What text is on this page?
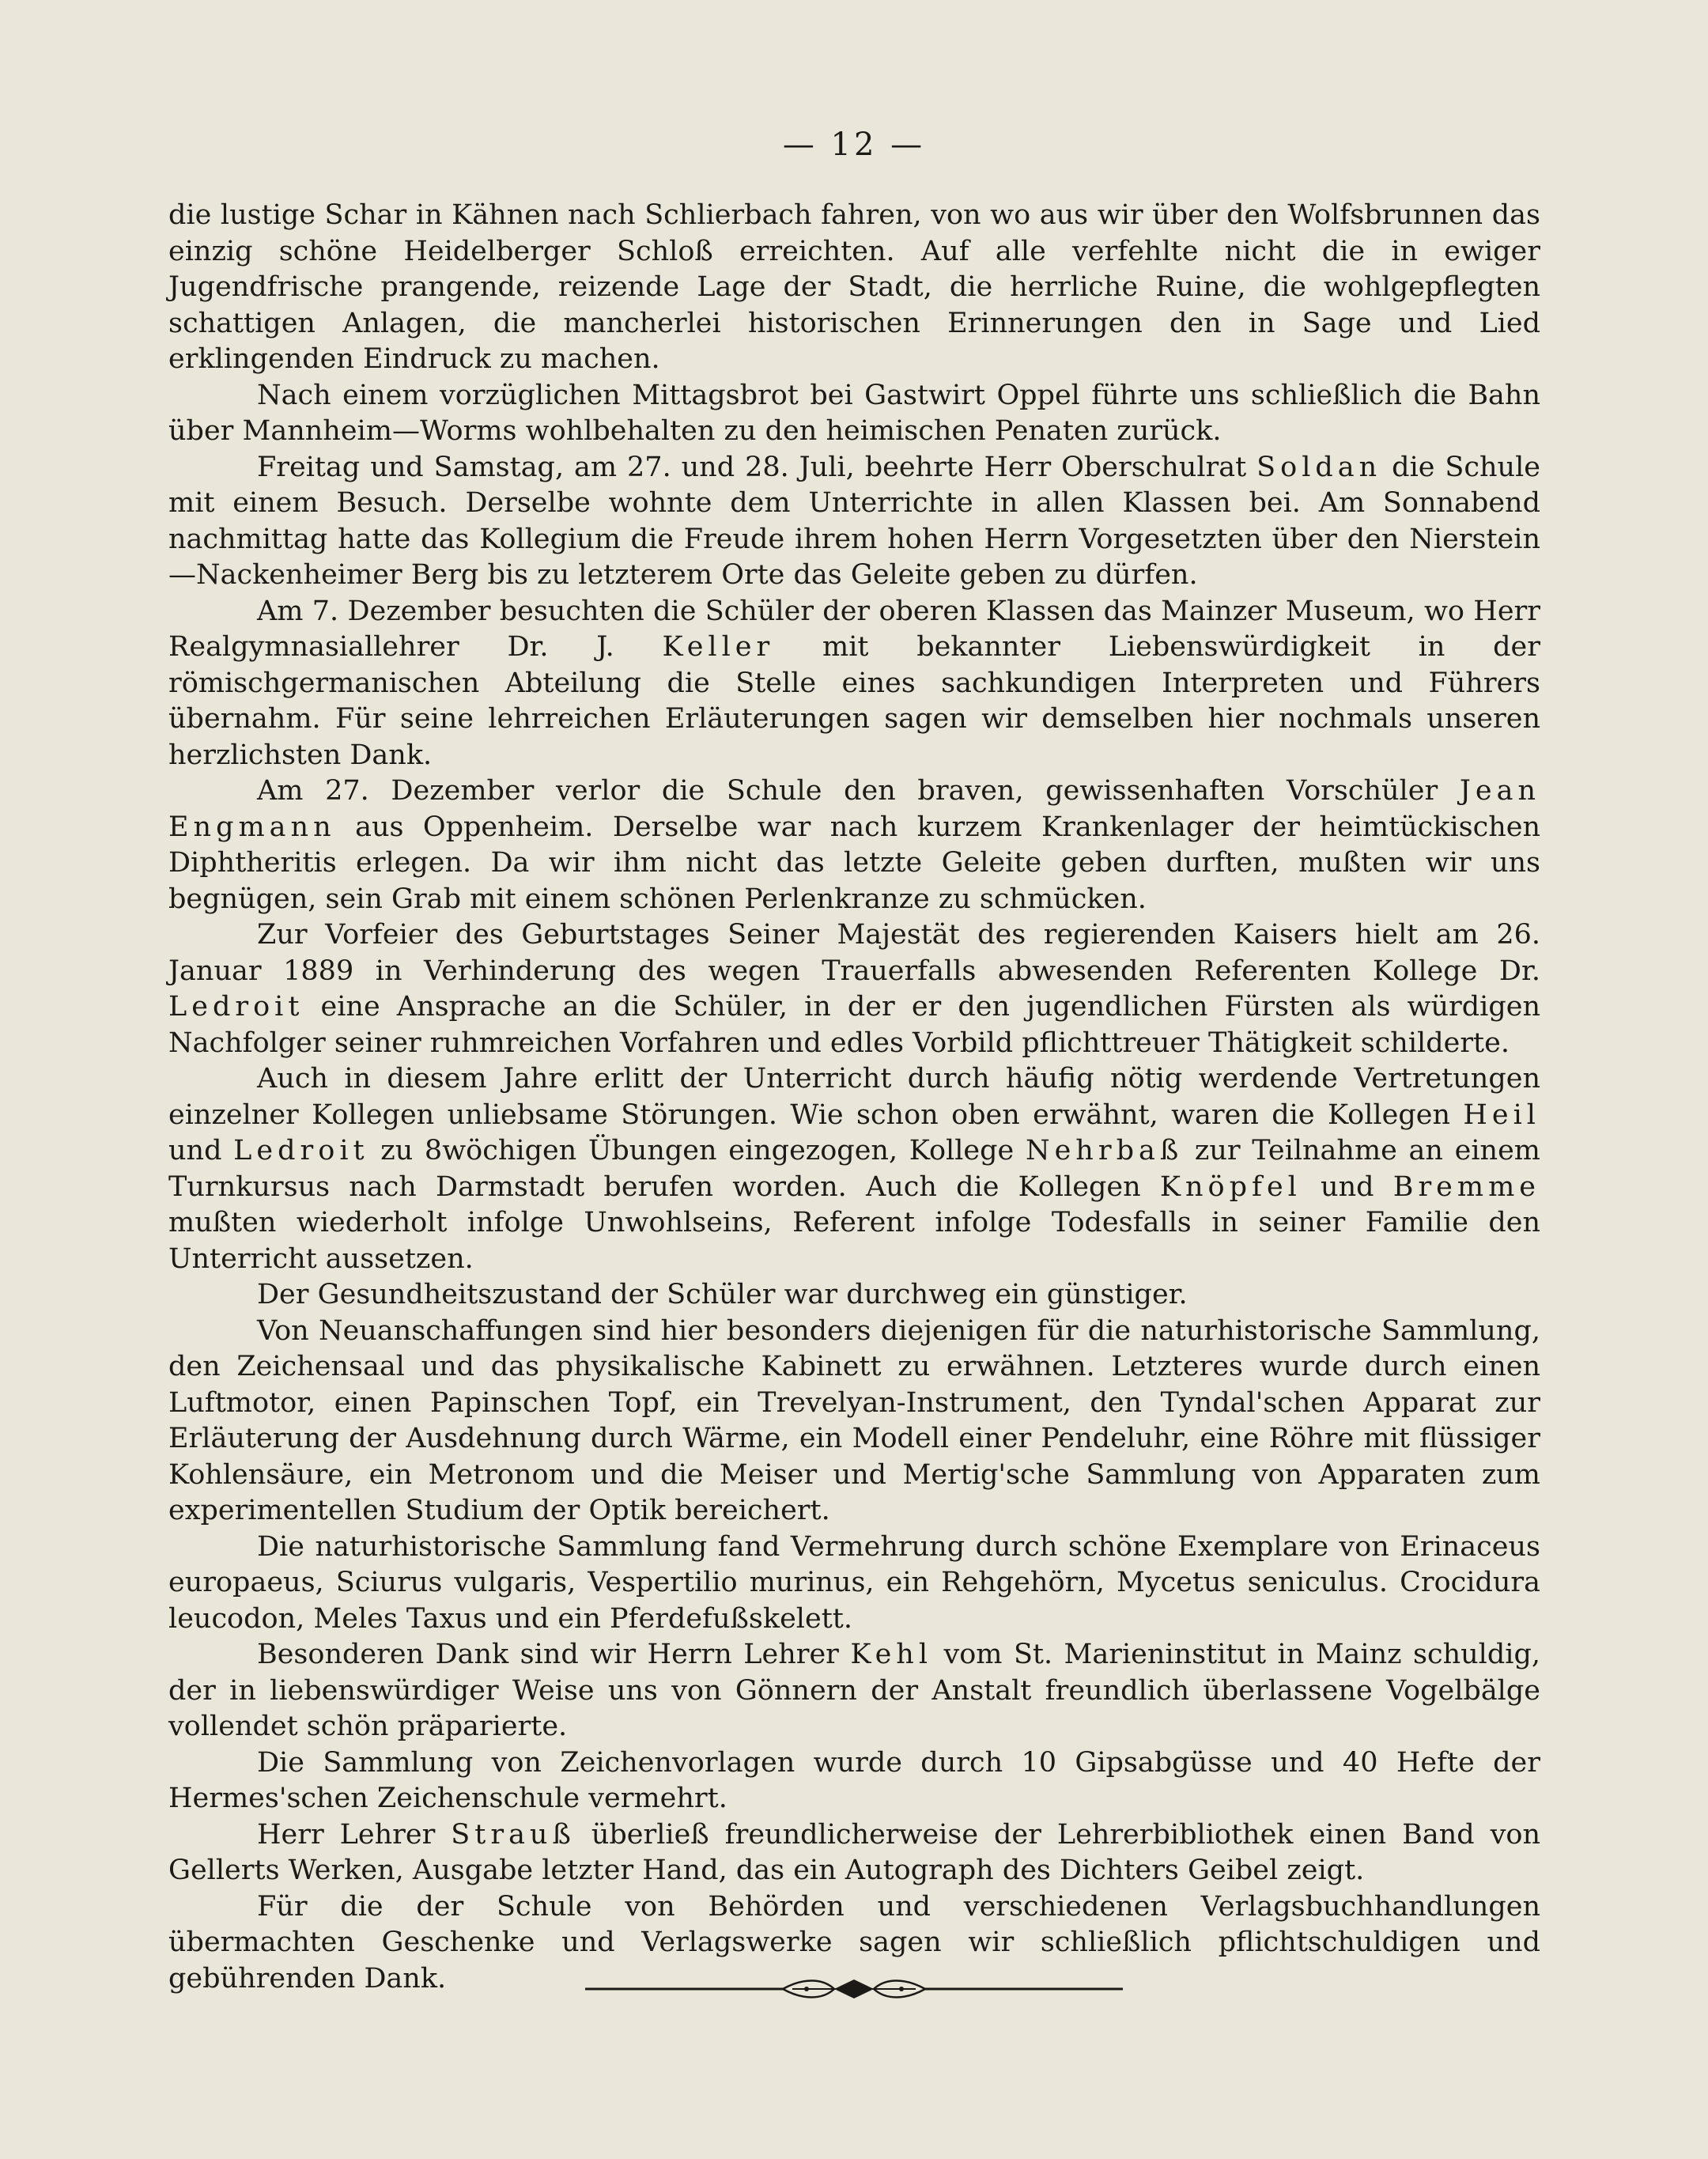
— 12 —

die lustige Schar in Kähnen nach Schlierbach fahren, von wo aus wir über den Wolfsbrunnen das einzig schöne Heidelberger Schloß erreichten. Auf alle verfehlte nicht die in ewiger Jugendfrische prangende, reizende Lage der Stadt, die herrliche Ruine, die wohlgepflegten schattigen Anlagen, die mancherlei historischen Erinnerungen den in Sage und Lied erklingenden Eindruck zu machen.

Nach einem vorzüglichen Mittagsbrot bei Gastwirt Oppel führte uns schließlich die Bahn über Mannheim—Worms wohlbehalten zu den heimischen Penaten zurück.

Freitag und Samstag, am 27. und 28. Juli, beehrte Herr Oberschulrat Soldan die Schule mit einem Besuch. Derselbe wohnte dem Unterrichte in allen Klassen bei. Am Sonnabend nachmittag hatte das Kollegium die Freude ihrem hohen Herrn Vorgesetzten über den Nierstein—Nackenheimer Berg bis zu letzterem Orte das Geleite geben zu dürfen.

Am 7. Dezember besuchten die Schüler der oberen Klassen das Mainzer Museum, wo Herr Realgymnasiallehrer Dr. J. Keller mit bekannter Liebenswürdigkeit in der römischgermanischen Abteilung die Stelle eines sachkundigen Interpreten und Führers übernahm. Für seine lehrreichen Erläuterungen sagen wir demselben hier nochmals unseren herzlichsten Dank.

Am 27. Dezember verlor die Schule den braven, gewissenhaften Vorschüler Jean Engmann aus Oppenheim. Derselbe war nach kurzem Krankenlager der heimtückischen Diphtheritis erlegen. Da wir ihm nicht das letzte Geleite geben durften, mußten wir uns begnügen, sein Grab mit einem schönen Perlenkranze zu schmücken.

Zur Vorfeier des Geburtstages Seiner Majestät des regierenden Kaisers hielt am 26. Januar 1889 in Verhinderung des wegen Trauerfalls abwesenden Referenten Kollege Dr. Ledroit eine Ansprache an die Schüler, in der er den jugendlichen Fürsten als würdigen Nachfolger seiner ruhmreichen Vorfahren und edles Vorbild pflichttreuer Thätigkeit schilderte.

Auch in diesem Jahre erlitt der Unterricht durch häufig nötig werdende Vertretungen einzelner Kollegen unliebsame Störungen. Wie schon oben erwähnt, waren die Kollegen Heil und Ledroit zu 8wöchigen Übungen eingezogen, Kollege Nehrbaß zur Teilnahme an einem Turnkursus nach Darmstadt berufen worden. Auch die Kollegen Knöpfel und Bremme mußten wiederholt infolge Unwohlseins, Referent infolge Todesfalls in seiner Familie den Unterricht aussetzen.

Der Gesundheitszustand der Schüler war durchweg ein günstiger.

Von Neuanschaffungen sind hier besonders diejenigen für die naturhistorische Sammlung, den Zeichensaal und das physikalische Kabinett zu erwähnen. Letzteres wurde durch einen Luftmotor, einen Papinschen Topf, ein Trevelyan-Instrument, den Tyndal'schen Apparat zur Erläuterung der Ausdehnung durch Wärme, ein Modell einer Pendeluhr, eine Röhre mit flüssiger Kohlensäure, ein Metronom und die Meiser und Mertig'sche Sammlung von Apparaten zum experimentellen Studium der Optik bereichert.

Die naturhistorische Sammlung fand Vermehrung durch schöne Exemplare von Erinaceus europaeus, Sciurus vulgaris, Vespertilio murinus, ein Rehgehörn, Mycetus seniculus. Crocidura leucodon, Meles Taxus und ein Pferdefußskelett.

Besonderen Dank sind wir Herrn Lehrer Kehl vom St. Marieninstitut in Mainz schuldig, der in liebenswürdiger Weise uns von Gönnern der Anstalt freundlich überlassene Vogelbälge vollendet schön präparierte.

Die Sammlung von Zeichenvorlagen wurde durch 10 Gipsabgüsse und 40 Hefte der Hermes'schen Zeichenschule vermehrt.

Herr Lehrer Strauß überließ freundlicherweise der Lehrerbibliothek einen Band von Gellerts Werken, Ausgabe letzter Hand, das ein Autograph des Dichters Geibel zeigt.

Für die der Schule von Behörden und verschiedenen Verlagsbuchhandlungen übermachten Geschenke und Verlagswerke sagen wir schließlich pflichtschuldigen und gebührenden Dank.
